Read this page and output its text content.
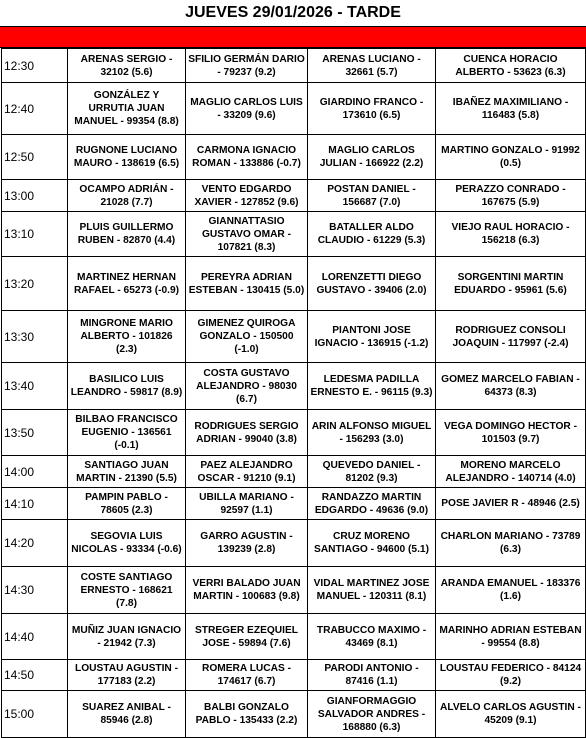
JUEVES 29/01/2026 - TARDE
12:30	ARENAS SERGIO - 32102 (5.6)	SFILIO GERMÁN DARIO - 79237 (9.2)	ARENAS LUCIANO - 32661 (5.7)	CUENCA HORACIO ALBERTO - 53623 (6.3)
12:40	GONZÁLEZ Y URRUTIA JUAN MANUEL - 99354 (8.8)	MAGLIO CARLOS LUIS - 33209 (9.6)	GIARDINO FRANCO - 173610 (6.5)	IBAÑEZ MAXIMILIANO - 116483 (5.8)
12:50	RUGNONE LUCIANO MAURO - 138619 (6.5)	CARMONA IGNACIO ROMAN - 133886 (-0.7)	MAGLIO CARLOS JULIAN - 166922 (2.2)	MARTINO GONZALO - 91992 (0.5)
13:00	OCAMPO ADRIÁN - 21028 (7.7)	VENTO EDGARDO XAVIER - 127852 (9.6)	POSTAN DANIEL - 156687 (7.0)	PERAZZO CONRADO - 167675 (5.9)
13:10	PLUIS GUILLERMO RUBEN - 82870 (4.4)	GIANNATTASIO GUSTAVO OMAR - 107821 (8.3)	BATALLER ALDO CLAUDIO - 61229 (5.3)	VIEJO RAUL HORACIO - 156218 (6.3)
13:20	MARTINEZ HERNAN RAFAEL - 65273 (-0.9)	PEREYRA ADRIAN ESTEBAN - 130415 (5.0)	LORENZETTI DIEGO GUSTAVO - 39406 (2.0)	SORGENTINI MARTIN EDUARDO - 95961 (5.6)
13:30	MINGRONE MARIO ALBERTO - 101826 (2.3)	GIMENEZ QUIROGA GONZALO - 150500 (-1.0)	PIANTONI JOSE IGNACIO - 136915 (-1.2)	RODRIGUEZ CONSOLI JOAQUIN - 117997 (-2.4)
13:40	BASILICO LUIS LEANDRO - 59817 (8.9)	COSTA GUSTAVO ALEJANDRO - 98030 (6.7)	LEDESMA PADILLA ERNESTO E. - 96115 (9.3)	GOMEZ MARCELO FABIAN - 64373 (8.3)
13:50	BILBAO FRANCISCO EUGENIO - 136561 (-0.1)	RODRIGUES SERGIO ADRIAN - 99040 (3.8)	ARIN ALFONSO MIGUEL - 156293 (3.0)	VEGA DOMINGO HECTOR - 101503 (9.7)
14:00	SANTIAGO JUAN MARTIN - 21390 (5.5)	PAEZ ALEJANDRO OSCAR - 91210 (9.1)	QUEVEDO DANIEL - 81202 (9.3)	MORENO MARCELO ALEJANDRO - 140714 (4.0)
14:10	PAMPIN PABLO - 78605 (2.3)	UBILLA MARIANO - 92597 (1.1)	RANDAZZO MARTIN EDGARDO - 49636 (9.0)	POSE JAVIER R - 48946 (2.5)
14:20	SEGOVIA LUIS NICOLAS - 93334 (-0.6)	GARRO AGUSTIN - 139239 (2.8)	CRUZ MORENO SANTIAGO - 94600 (5.1)	CHARLON MARIANO - 73789 (6.3)
14:30	COSTE SANTIAGO ERNESTO - 168621 (7.8)	VERRI BALADO JUAN MARTIN - 100683 (9.8)	VIDAL MARTINEZ JOSE MANUEL - 120311 (8.1)	ARANDA EMANUEL - 183376 (1.6)
14:40	MUÑIZ JUAN IGNACIO - 21942 (7.3)	STREGER EZEQUIEL JOSE - 59894 (7.6)	TRABUCCO MAXIMO - 43469 (8.1)	MARINHO ADRIAN ESTEBAN - 99554 (8.8)
14:50	LOUSTAU AGUSTIN - 177183 (2.2)	ROMERA LUCAS - 174617 (6.7)	PARODI ANTONIO - 87416 (1.1)	LOUSTAU FEDERICO - 84124 (9.2)
15:00	SUAREZ ANIBAL - 85946 (2.8)	BALBI GONZALO PABLO - 135433 (2.2)	GIANFORMAGGIO SALVADOR ANDRES - 168880 (6.3)	ALVELO CARLOS AGUSTIN - 45209 (9.1)
